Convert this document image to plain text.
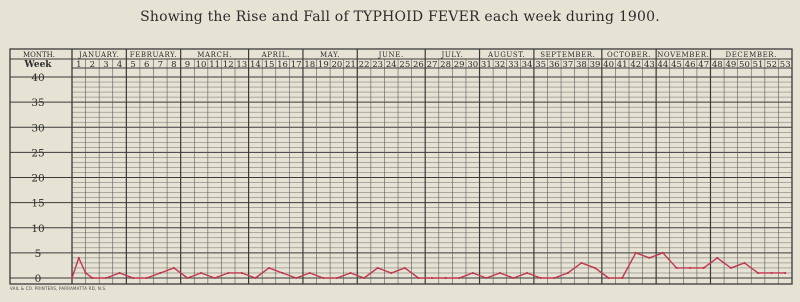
Showing the Rise and Fall of TYPHOID FEVER each week during 1900.
MONTH.
Week
JANUARY. FEBRUARY.	MARCH.	APRIL.	MAY.	JUNE.	JULY.	AUGUST. SEPTEMBER. OCTOBER. NOVEMBER. DECEMBER.
1 2 3 4 5 6 7 8 9 10 11 12 13 14 15 16 17 18 19 20 21 22 23 24 25 26 27 28 29 30 31 32 33 34 35 36 37 38 39 40 41 42 43 44 45 46 47 48 49 50 51 52 53
0
5
10
15
20
25
30
35
40
VAIL & CO. PRINTERS, PARRAMATTA RD, N.S.
